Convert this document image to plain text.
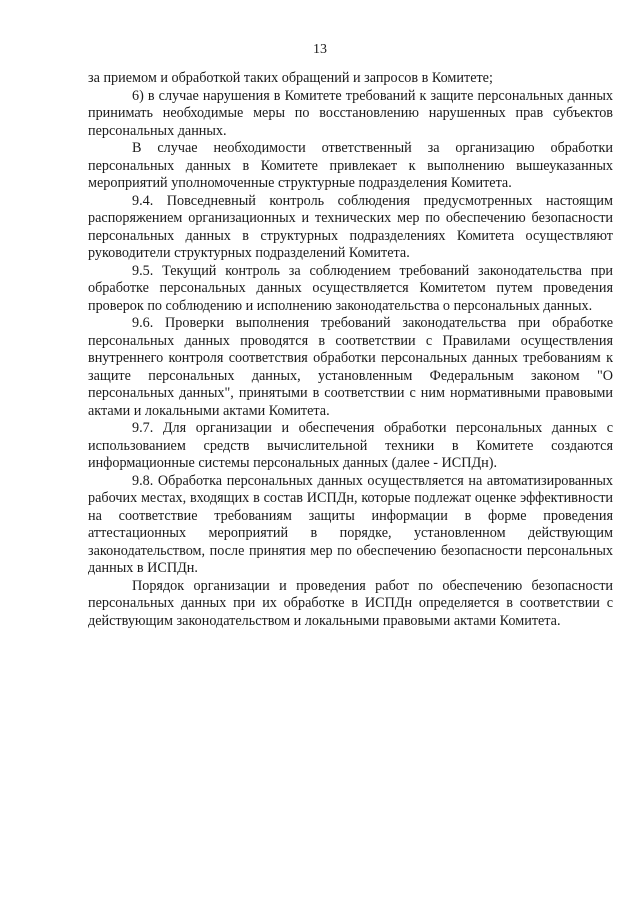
13

за приемом и обработкой таких обращений и запросов в Комитете;

6) в случае нарушения в Комитете требований к защите персональных данных принимать необходимые меры по восстановлению нарушенных прав субъектов персональных данных.

В случае необходимости ответственный за организацию обработки персональных данных в Комитете привлекает к выполнению вышеуказанных мероприятий уполномоченные структурные подразделения Комитета.

9.4. Повседневный контроль соблюдения предусмотренных настоящим распоряжением организационных и технических мер по обеспечению безопасности персональных данных в структурных подразделениях Комитета осуществляют руководители структурных подразделений Комитета.

9.5. Текущий контроль за соблюдением требований законодательства при обработке персональных данных осуществляется Комитетом путем проведения проверок по соблюдению и исполнению законодательства о персональных данных.

9.6. Проверки выполнения требований законодательства при обработке персональных данных проводятся в соответствии с Правилами осуществления внутреннего контроля соответствия обработки персональных данных требованиям к защите персональных данных, установленным Федеральным законом "О персональных данных", принятыми в соответствии с ним нормативными правовыми актами и локальными актами Комитета.

9.7. Для организации и обеспечения обработки персональных данных с использованием средств вычислительной техники в Комитете создаются информационные системы персональных данных (далее - ИСПДн).

9.8. Обработка персональных данных осуществляется на автоматизированных рабочих местах, входящих в состав ИСПДн, которые подлежат оценке эффективности на соответствие требованиям защиты информации в форме проведения аттестационных мероприятий в порядке, установленном действующим законодательством, после принятия мер по обеспечению безопасности персональных данных в ИСПДн.

Порядок организации и проведения работ по обеспечению безопасности персональных данных при их обработке в ИСПДн определяется в соответствии с действующим законодательством и локальными правовыми актами Комитета.
